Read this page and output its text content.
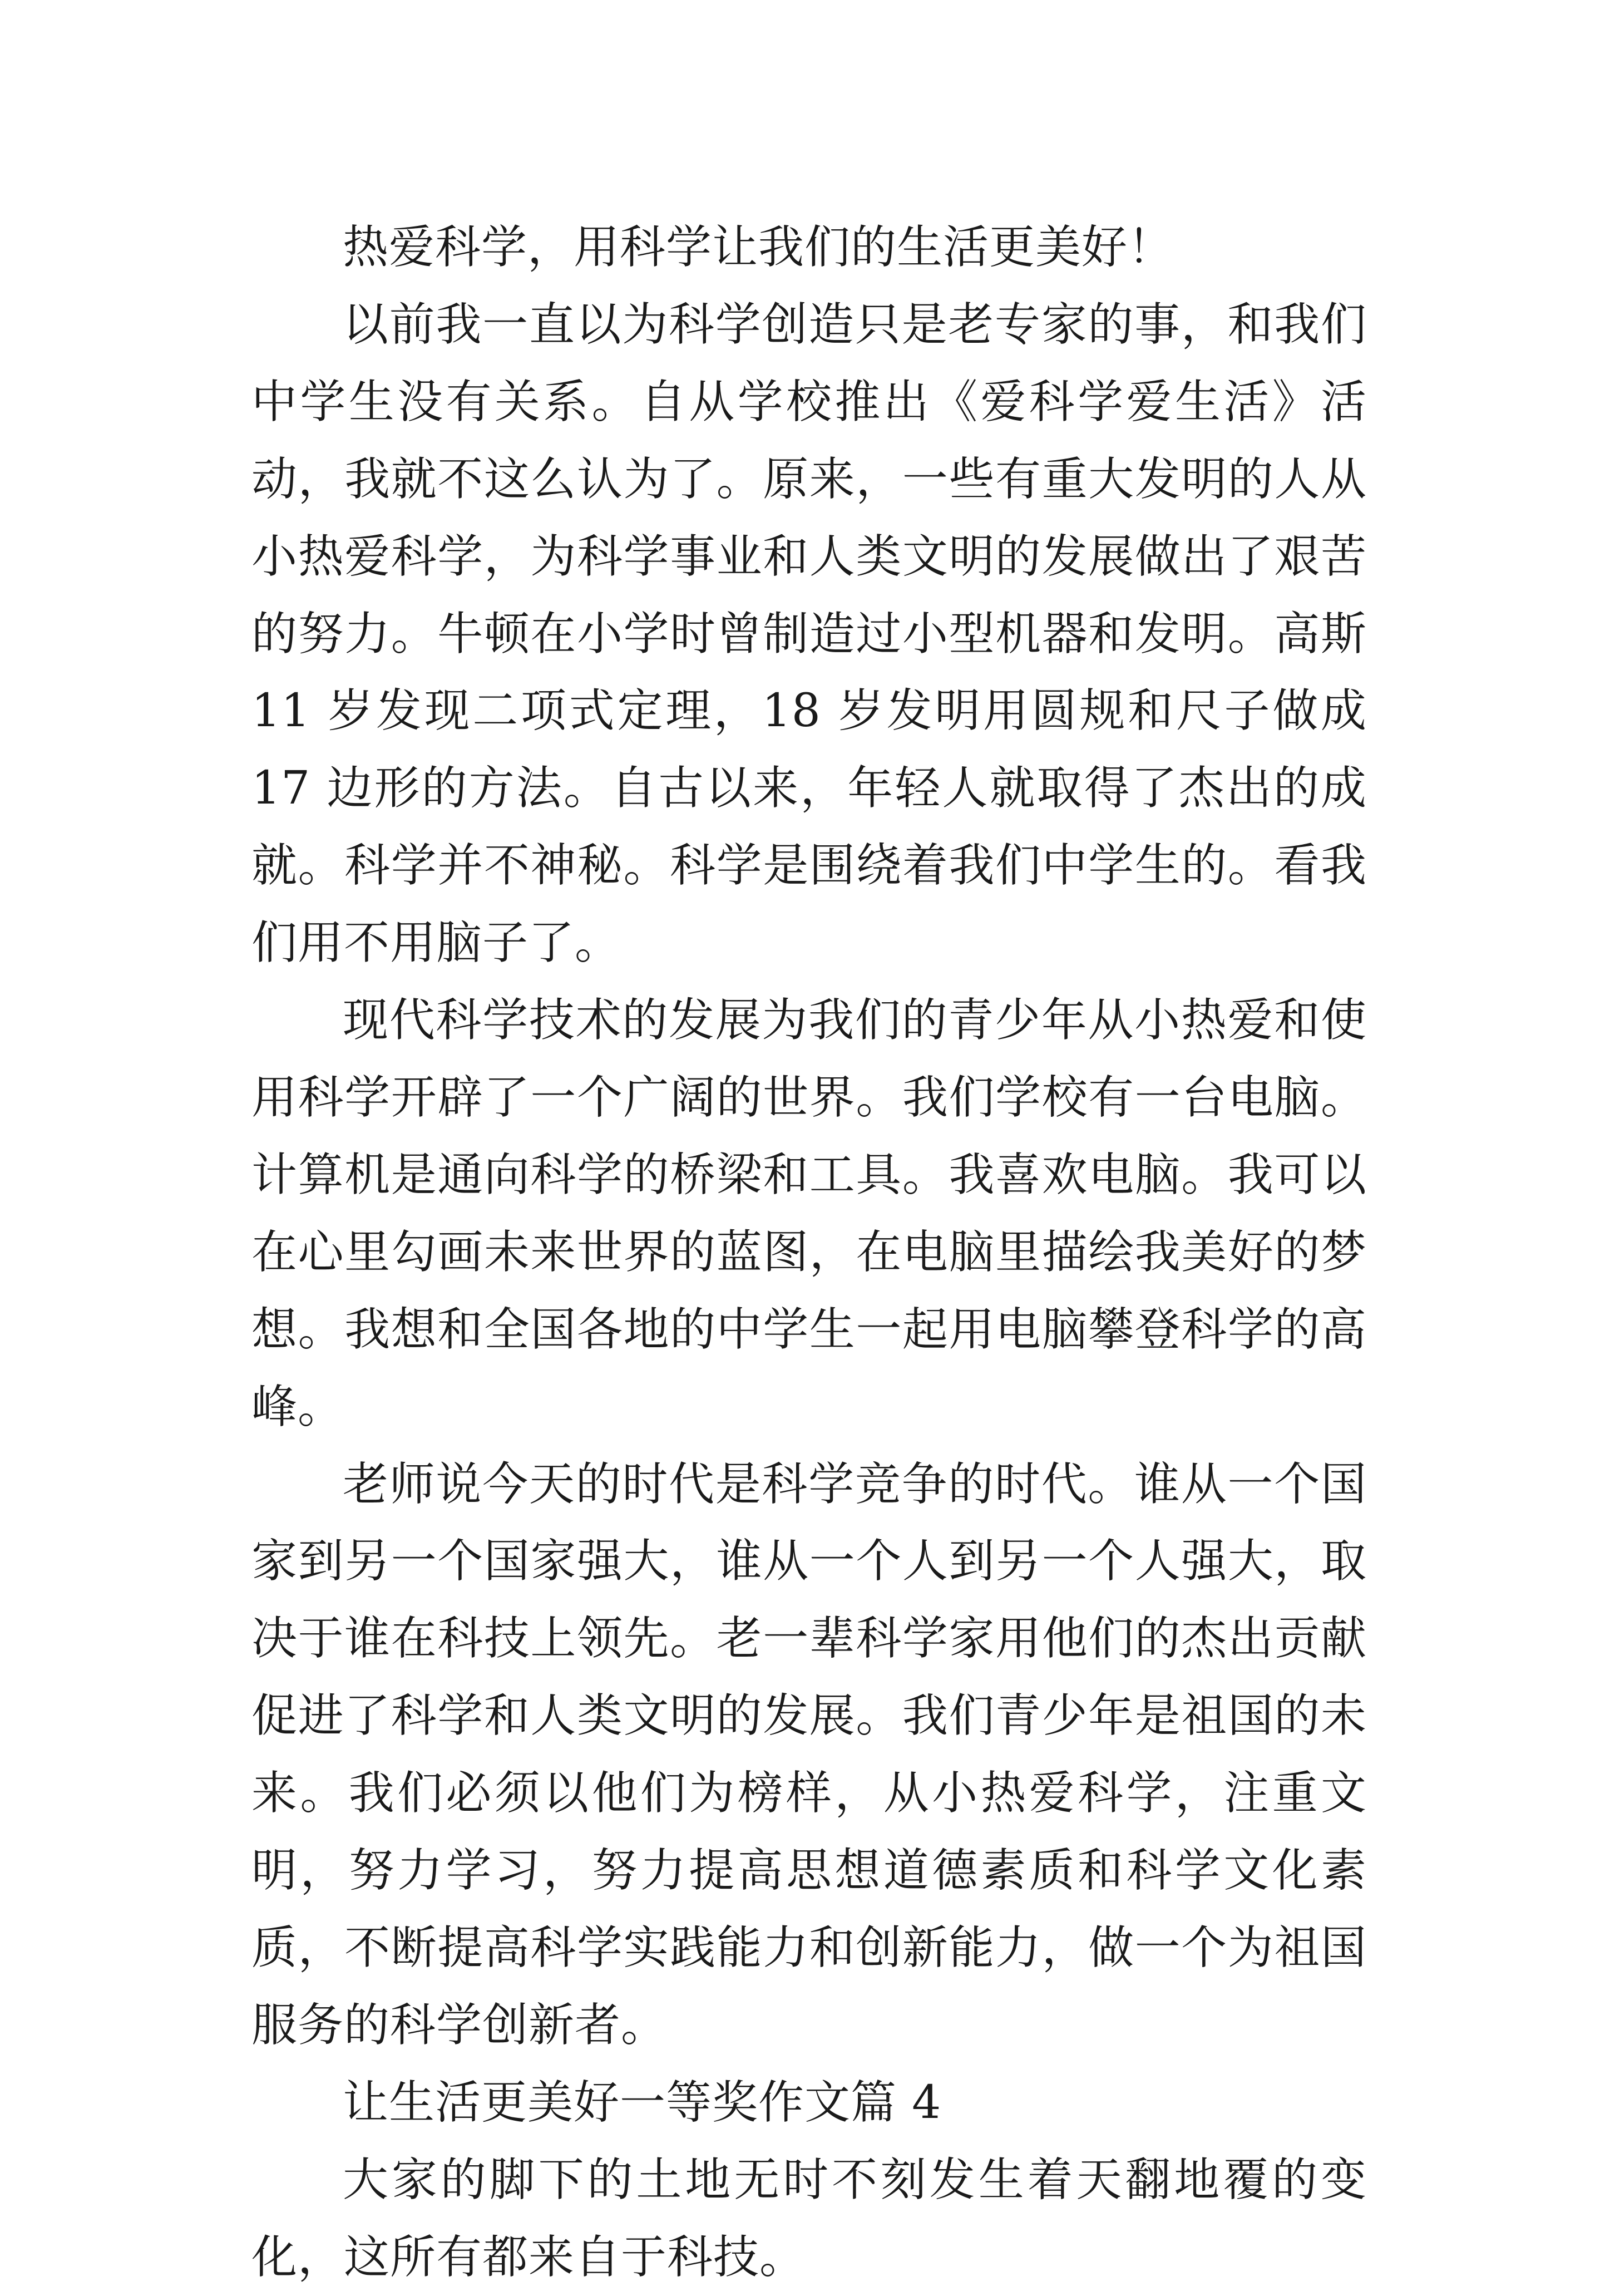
热爱科学，用科学让我们的生活更美好！

以前我一直以为科学创造只是老专家的事，和我们中学生没有关系。自从学校推出《爱科学爱生活》活动，我就不这么认为了。原来，一些有重大发明的人从小热爱科学，为科学事业和人类文明的发展做出了艰苦的努力。牛顿在小学时曾制造过小型机器和发明。高斯 11 岁发现二项式定理，18 岁发明用圆规和尺子做成 17 边形的方法。自古以来，年轻人就取得了杰出的成就。科学并不神秘。科学是围绕着我们中学生的。看我们用不用脑子了。

现代科学技术的发展为我们的青少年从小热爱和使用科学开辟了一个广阔的世界。我们学校有一台电脑。计算机是通向科学的桥梁和工具。我喜欢电脑。我可以在心里勾画未来世界的蓝图，在电脑里描绘我美好的梦想。我想和全国各地的中学生一起用电脑攀登科学的高峰。

老师说今天的时代是科学竞争的时代。谁从一个国家到另一个国家强大，谁从一个人到另一个人强大，取决于谁在科技上领先。老一辈科学家用他们的杰出贡献促进了科学和人类文明的发展。我们青少年是祖国的未来。我们必须以他们为榜样，从小热爱科学，注重文明，努力学习，努力提高思想道德素质和科学文化素质，不断提高科学实践能力和创新能力，做一个为祖国服务的科学创新者。

让生活更美好一等奖作文篇 4

大家的脚下的土地无时不刻发生着天翻地覆的变化，这所有都来自于科技。
